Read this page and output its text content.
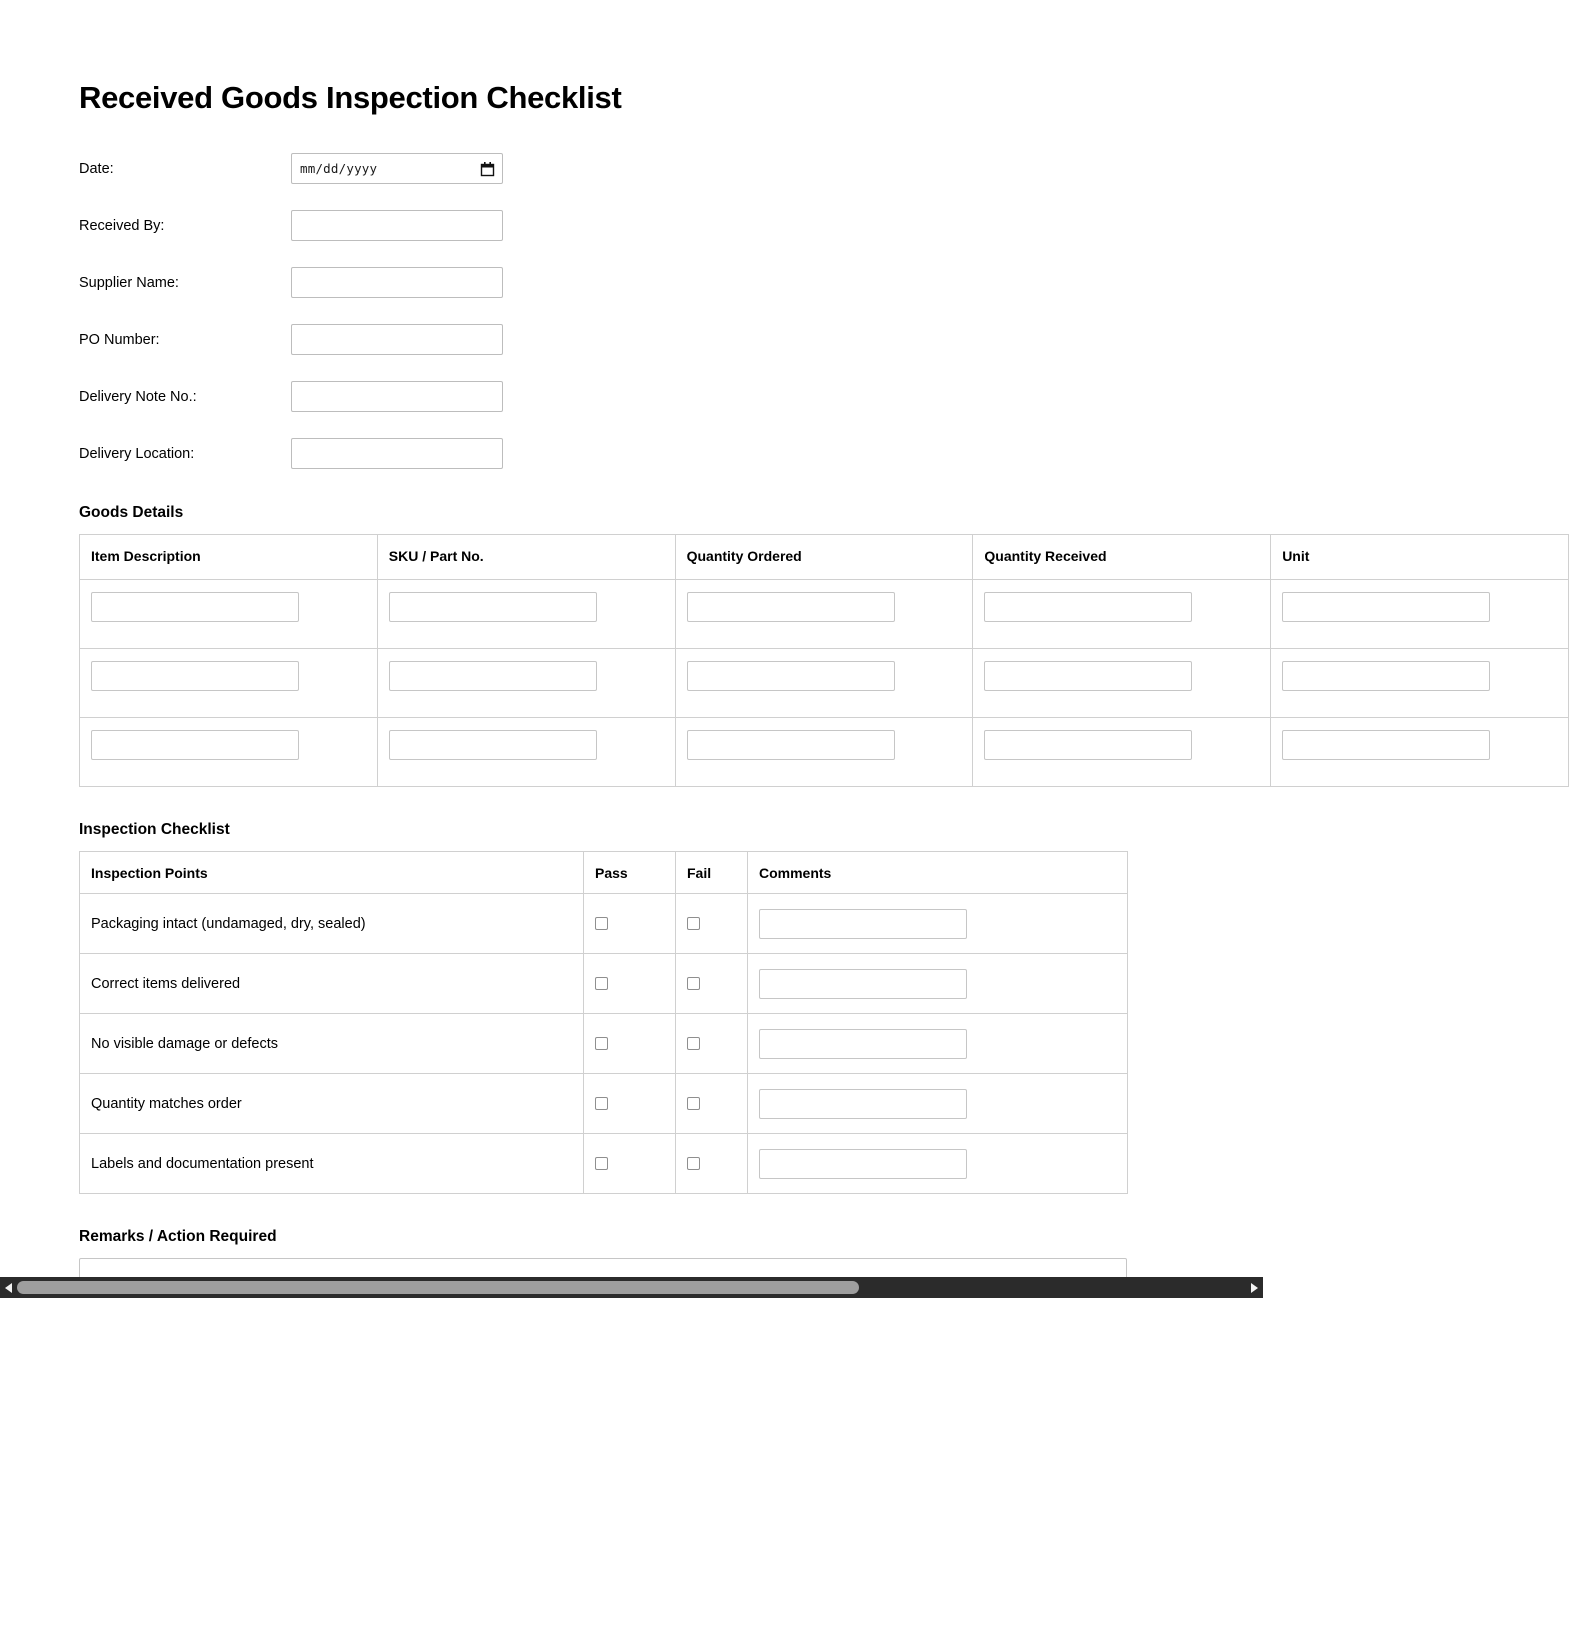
Received Goods Inspection Checklist
Date:	mm/dd/yyyy
Received By:
Supplier Name:
PO Number:
Delivery Note No.:
Delivery Location:
Goods Details
Item Description	SKU / Part No.	Quantity Ordered	Quantity Received	Unit

Inspection Checklist
Inspection Points	Pass	Fail	Comments
Packaging intact (undamaged, dry, sealed)			
Correct items delivered			
No visible damage or defects			
Quantity matches order			
Labels and documentation present			
Remarks / Action Required
